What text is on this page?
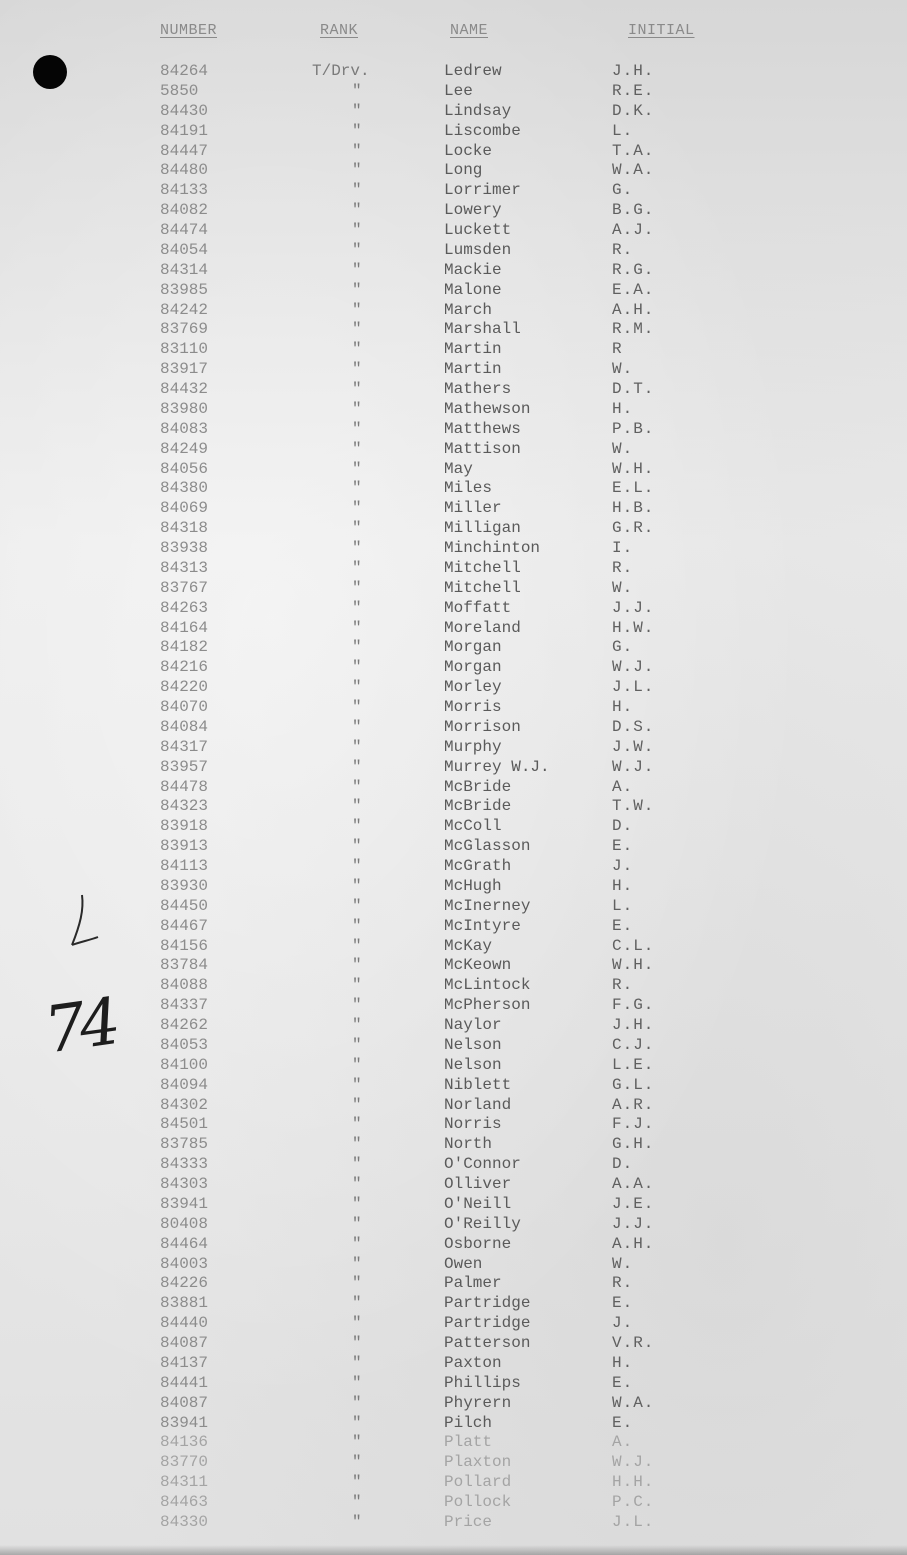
NUMBER	RANK	NAME	INITIAL
84264	T/Drv.	Ledrew	J.H.
5850	"	Lee	R.E.
84430	"	Lindsay	D.K.
84191	"	Liscombe	L.
84447	"	Locke	T.A.
84480	"	Long	W.A.
84133	"	Lorrimer	G.
84082	"	Lowery	B.G.
84474	"	Luckett	A.J.
84054	"	Lumsden	R.
84314	"	Mackie	R.G.
83985	"	Malone	E.A.
84242	"	March	A.H.
83769	"	Marshall	R.M.
83110	"	Martin	R
83917	"	Martin	W.
84432	"	Mathers	D.T.
83980	"	Mathewson	H.
84083	"	Matthews	P.B.
84249	"	Mattison	W.
84056	"	May	W.H.
84380	"	Miles	E.L.
84069	"	Miller	H.B.
84318	"	Milligan	G.R.
83938	"	Minchinton	I.
84313	"	Mitchell	R.
83767	"	Mitchell	W.
84263	"	Moffatt	J.J.
84164	"	Moreland	H.W.
84182	"	Morgan	G.
84216	"	Morgan	W.J.
84220	"	Morley	J.L.
84070	"	Morris	H.
84084	"	Morrison	D.S.
84317	"	Murphy	J.W.
83957	"	Murrey W.J.	W.J.
84478	"	McBride	A.
84323	"	McBride	T.W.
83918	"	McColl	D.
83913	"	McGlasson	E.
84113	"	McGrath	J.
83930	"	McHugh	H.
84450	"	McInerney	L.
84467	"	McIntyre	E.
84156	"	McKay	C.L.
83784	"	McKeown	W.H.
84088	"	McLintock	R.
84337	"	McPherson	F.G.
84262	"	Naylor	J.H.
84053	"	Nelson	C.J.
84100	"	Nelson	L.E.
84094	"	Niblett	G.L.
84302	"	Norland	A.R.
84501	"	Norris	F.J.
83785	"	North	G.H.
84333	"	O'Connor	D.
84303	"	Olliver	A.A.
83941	"	O'Neill	J.E.
80408	"	O'Reilly	J.J.
84464	"	Osborne	A.H.
84003	"	Owen	W.
84226	"	Palmer	R.
83881	"	Partridge	E.
84440	"	Partridge	J.
84087	"	Patterson	V.R.
84137	"	Paxton	H.
84441	"	Phillips	E.
84087	"	Phyrern	W.A.
83941	"	Pilch	E.
84136	"	Platt	A.
83770	"	Plaxton	W.J.
84311	"	Pollard	H.H.
84463	"	Pollock	P.C.
84330	"	Price	J.L.
74
